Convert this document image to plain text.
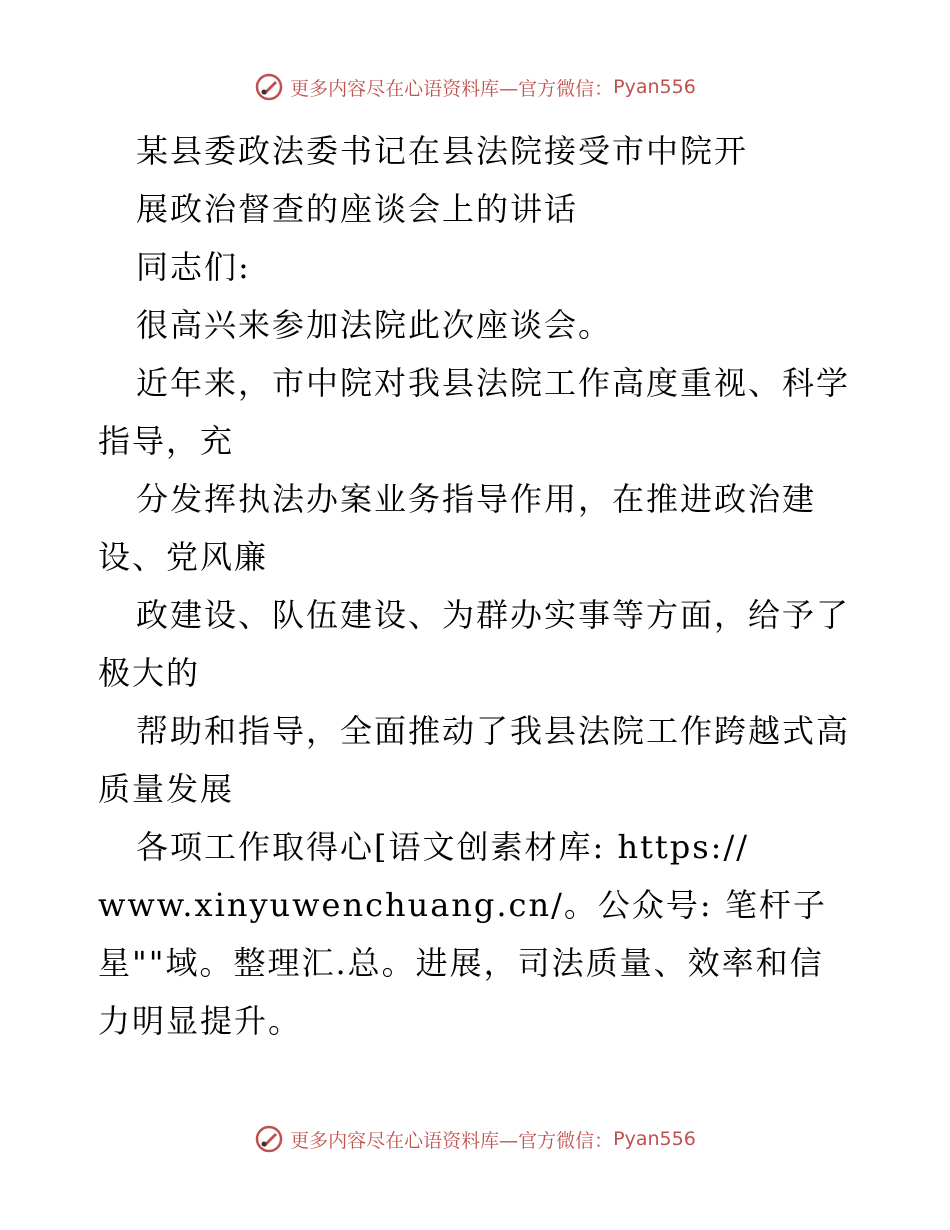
更多内容尽在心语资料库—官方微信： Pyan556

某县委政法委书记在县法院接受市中院开

展政治督查的座谈会上的讲话

同志们:

很高兴来参加法院此次座谈会。

近年来，市中院对我县法院工作高度重视、科学

指导，充

分发挥执法办案业务指导作用，在推进政治建

设、党风廉

政建设、队伍建设、为群办实事等方面，给予了

极大的

帮助和指导，全面推动了我县法院工作跨越式高

质量发展

各项工作取得心[语文创素材库: https://

www.xinyuwenchuang.cn/。公众号: 笔杆子

星""域。整理汇.总。进展，司法质量、效率和信

力明显提升。

更多内容尽在心语资料库—官方微信： Pyan556
